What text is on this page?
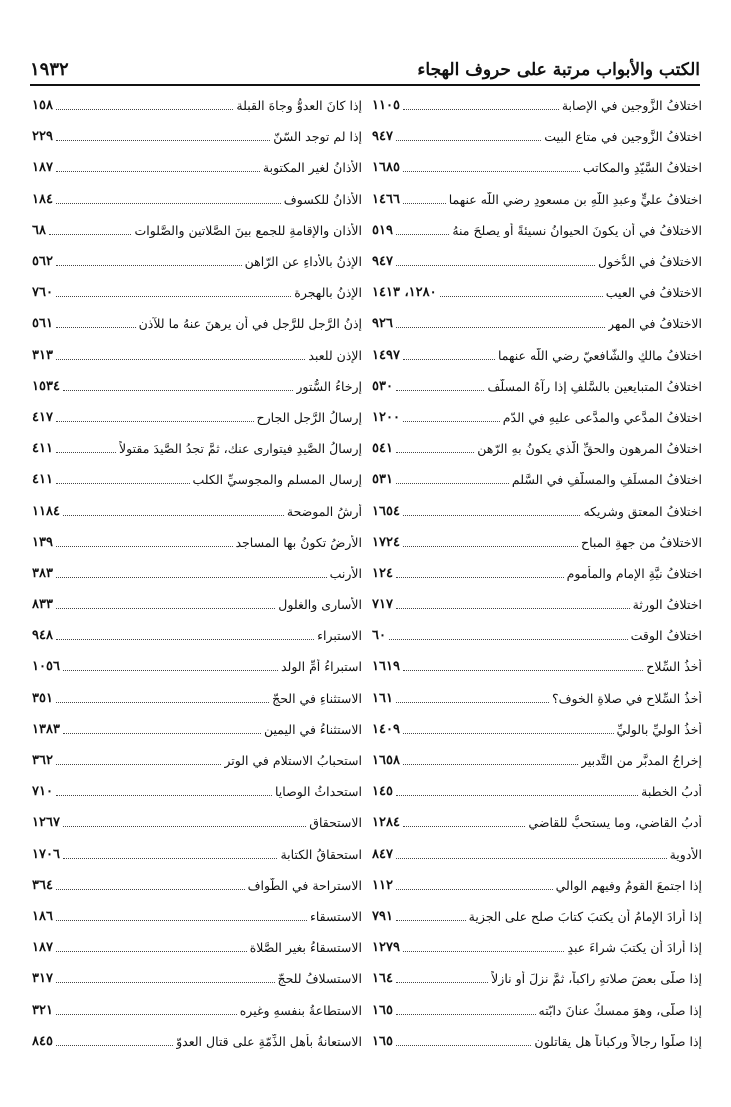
١٩٣٢	الكتب والأبواب مرتبة على حروف الهجاء
اختلافُ الزَّوجين في الإصابة
١١٠٥
اختلافُ الزَّوجينِ في متاعِ البيت
٩٤٧
اختلافُ السَّيّدِ والمكاتب
١٦٨٥
اختلافُ عليٍّ وعبدِ اللّهِ بنِ مسعودٍ رضي اللّه عنهما
١٤٦٦
الاختلافُ في أن يكونَ الحيوانُ نسيئةً أو يصلحَ منهُ
٥١٩
الاختلافُ في الدُّخول
٩٤٧
الاختلافُ في العيب
١٢٨٠، ١٤١٣
الاختلافُ في المهر
٩٢٦
اختلافُ مالكٍ والشّافعيّ رضي اللّه عنهما
١٤٩٧
اختلافُ المتبايعين بالسَّلفِ إذا رآهُ المسلَّف
٥٣٠
اختلافُ المدَّعي والمدَّعى عليهِ في الدّم
١٢٠٠
اختلافُ المرهونِ والحقِّ الّذي يكونُ بهِ الرّهن
٥٤١
اختلافُ المسلِّفِ والمسلَّفِ في السَّلم
٥٣١
اختلافُ المعتقِ وشريكه
١٦٥٤
الاختلافُ من جهةِ المباح
١٧٢٤
اختلافُ نيَّةِ الإمامِ والمأموم
١٢٤
اختلافُ الورثة
٧١٧
اختلافُ الوقت
٦٠
أخذُ السِّلاح
١٦١٩
أخذُ السِّلاحِ في صلاةِ الخوف؟
١٦١
أخذُ الوليِّ بالوليِّ
١٤٠٩
إخراجُ المدبَّرِ من التَّدبير
١٦٥٨
أدبُ الخطبة
١٤٥
أدبُ القاضي، وما يستحبُّ للقاضي
١٢٨٤
الأدوية
٨٤٧
إذا اجتمعَ القومُ وفيهم الوالي
١١٢
إذا أرادَ الإمامُ أن يكتبَ كتابَ صلحٍ على الجزية
٧٩١
إذا أرادَ أن يكتبَ شراءَ عبدٍ
١٢٧٩
إذا صلَّى بعضَ صلاتهِ راكباً، ثمَّ نزلَ أو نازلاً
١٦٤
إذا صلَّى، وهوَ ممسكٌ عنانَ دابّته
١٦٥
إذا صلَّوا رجالاً وركباناً هل يقاتلون
١٦٥
إذا كانَ العدوُّ وجاهَ القبلة
١٥٨
إذا لم توجد السّنّ
٢٢٩
الأذانُ لغيرِ المكتوبة
١٨٧
الأذانُ للكسوف
١٨٤
الأذانِ والإقامةِ للجمعِ بينَ الصَّلاتين والصَّلوات
٦٨
الإذنُ بالأداءِ عن الرّاهن
٥٦٢
الإذنُ بالهجرة
٧٦٠
إذنُ الرَّجلِ للرَّجلِ في أن يرهنَ عنهُ ما للآذن
٥٦١
الإذن للعبد
٣١٣
إرخاءُ السُّتور
١٥٣٤
إرسالُ الرَّجلِ الجارح
٤١٧
إرسالُ الصَّيدِ فيتوارى عنك، ثمَّ تجدُ الصَّيدَ مقتولاً
٤١١
إرسالِ المسلمِ والمجوسيِّ الكلب
٤١١
أرشُ الموضحة
١١٨٤
الأرضُ تكونُ بها المساجد
١٣٩
الأرنب
٣٨٣
الأسارى والغلول
٨٣٣
الاستبراء
٩٤٨
استبراءُ أمِّ الولد
١٠٥٦
الاستثناءِ في الحجّ
٣٥١
الاستثناءُ في اليمين
١٣٨٣
استحبابُ الاستلامِ في الوتر
٣٦٢
استحداثُ الوصايا
٧١٠
الاستحقاق
١٢٦٧
استحقاقُ الكتابة
١٧٠٦
الاستراحة في الطَّواف
٣٦٤
الاستسقاء
١٨٦
الاستسقاءُ بغيرِ الصَّلاة
١٨٧
الاستسلافُ للحجّ
٣١٧
الاستطاعةُ بنفسهِ وغيره
٣٢١
الاستعانةُ بأهلِ الذِّمّةِ على قتالِ العدوّ
٨٤٥
